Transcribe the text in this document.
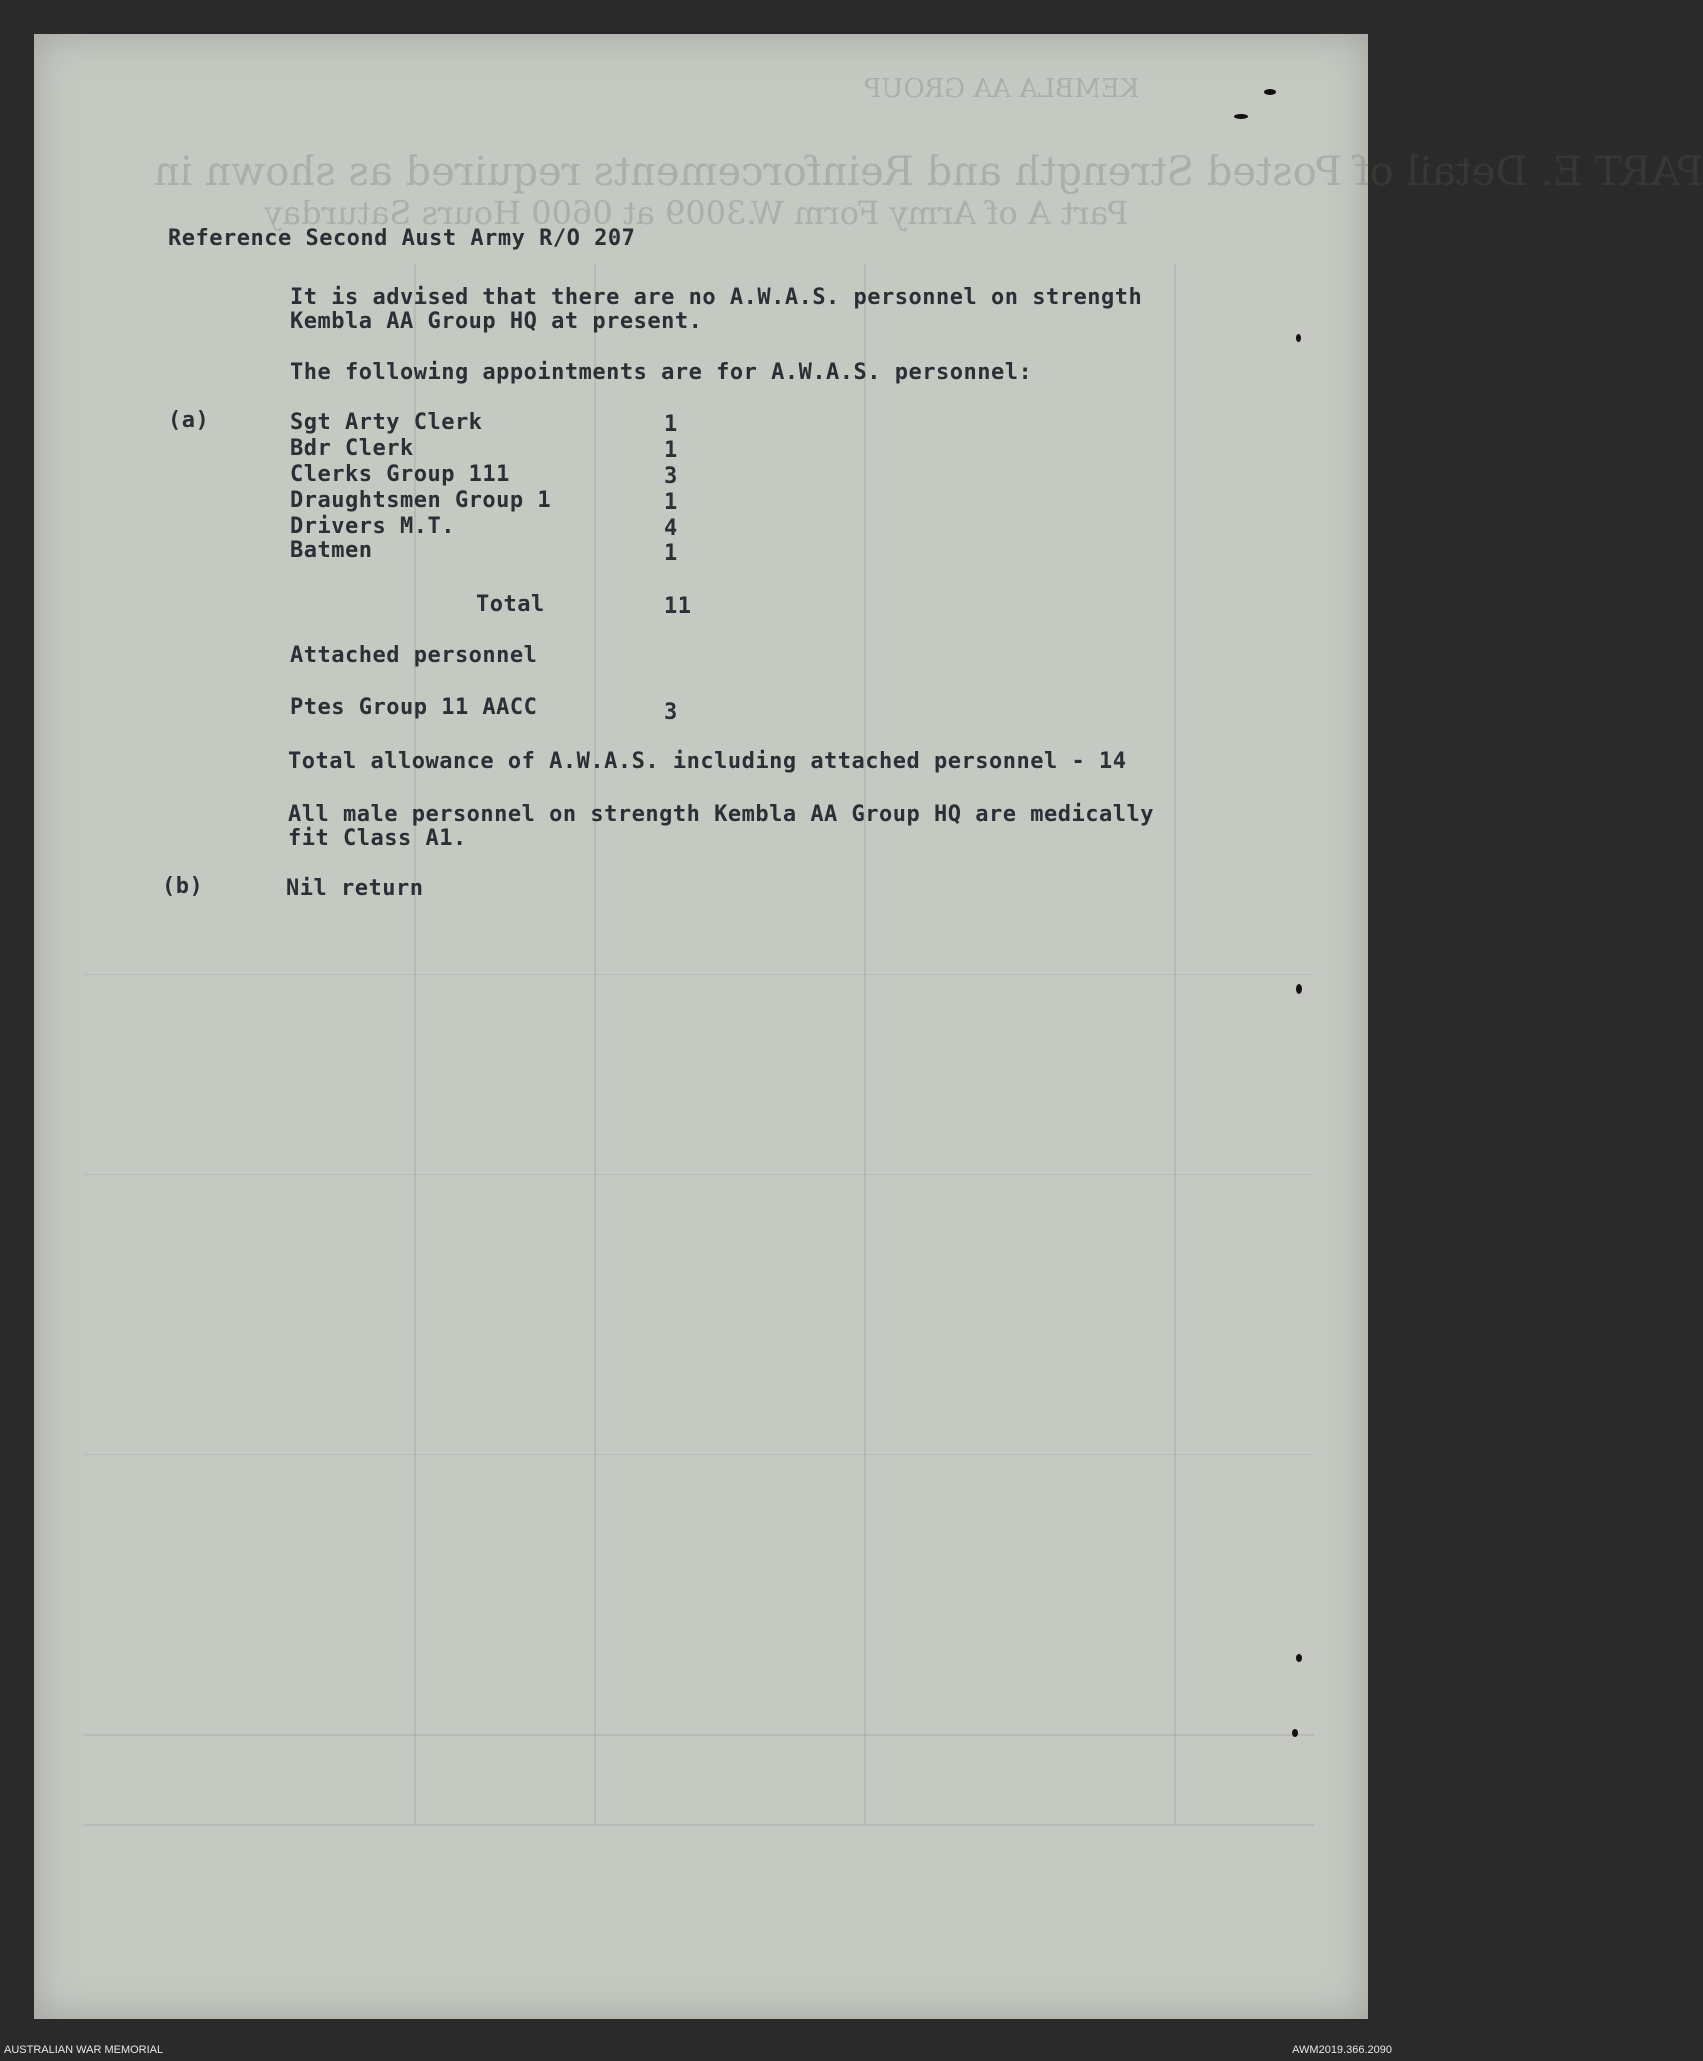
PART E. Detail of Posted Strength and Reinforcements required as shown in
Part A of Army Form W.3009 at 0600 Hours Saturday
KEMBLA AA GROUP
Reference Second Aust Army R/O 207
It is advised that there are no A.W.A.S. personnel on strength
Kembla AA Group HQ at present.
The following appointments are for A.W.A.S. personnel:
(a)	Sgt Arty Clerk	1
Bdr Clerk	1
Clerks Group 111	3
Draughtsmen Group 1	1
Drivers M.T.	4
Batmen	1
Total	11
Attached personnel
Ptes Group 11 AACC	3
Total allowance of A.W.A.S. including attached personnel - 14
All male personnel on strength Kembla AA Group HQ are medically
fit Class A1.
(b)	Nil return
AUSTRALIAN WAR MEMORIAL	AWM2019.366.2090
